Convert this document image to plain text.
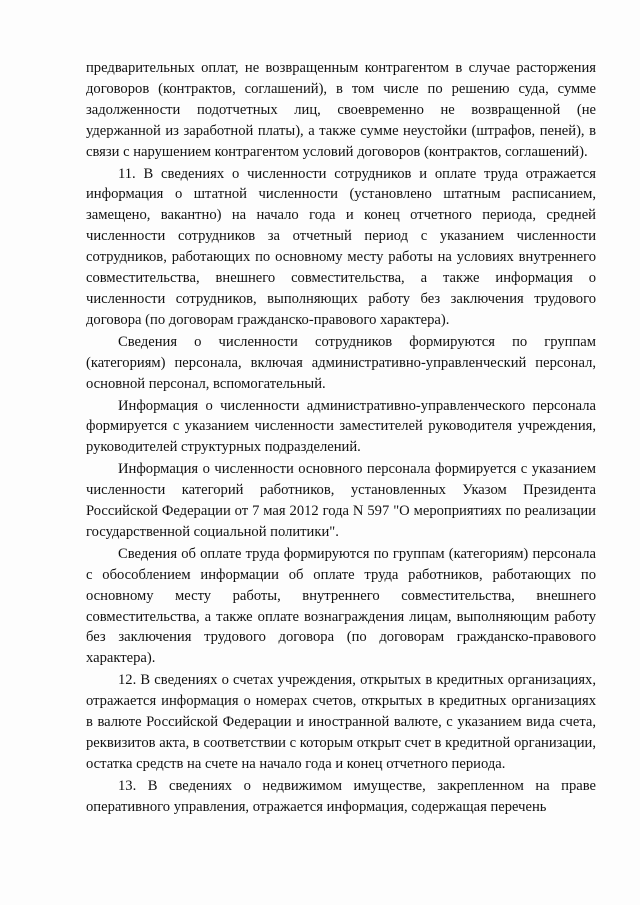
предварительных оплат, не возвращенным контрагентом в случае расторжения договоров (контрактов, соглашений), в том числе по решению суда, сумме задолженности подотчетных лиц, своевременно не возвращенной (не удержанной из заработной платы), а также сумме неустойки (штрафов, пеней), в связи с нарушением контрагентом условий договоров (контрактов, соглашений).

11. В сведениях о численности сотрудников и оплате труда отражается информация о штатной численности (установлено штатным расписанием, замещено, вакантно) на начало года и конец отчетного периода, средней численности сотрудников за отчетный период с указанием численности сотрудников, работающих по основному месту работы на условиях внутреннего совместительства, внешнего совместительства, а также информация о численности сотрудников, выполняющих работу без заключения трудового договора (по договорам гражданско-правового характера).

Сведения о численности сотрудников формируются по группам (категориям) персонала, включая административно-управленческий персонал, основной персонал, вспомогательный.

Информация о численности административно-управленческого персонала формируется с указанием численности заместителей руководителя учреждения, руководителей структурных подразделений.

Информация о численности основного персонала формируется с указанием численности категорий работников, установленных Указом Президента Российской Федерации от 7 мая 2012 года N 597 "О мероприятиях по реализации государственной социальной политики".

Сведения об оплате труда формируются по группам (категориям) персонала с обособлением информации об оплате труда работников, работающих по основному месту работы, внутреннего совместительства, внешнего совместительства, а также оплате вознаграждения лицам, выполняющим работу без заключения трудового договора (по договорам гражданско-правового характера).

12. В сведениях о счетах учреждения, открытых в кредитных организациях, отражается информация о номерах счетов, открытых в кредитных организациях в валюте Российской Федерации и иностранной валюте, с указанием вида счета, реквизитов акта, в соответствии с которым открыт счет в кредитной организации, остатка средств на счете на начало года и конец отчетного периода.

13. В сведениях о недвижимом имуществе, закрепленном на праве оперативного управления, отражается информация, содержащая перечень
